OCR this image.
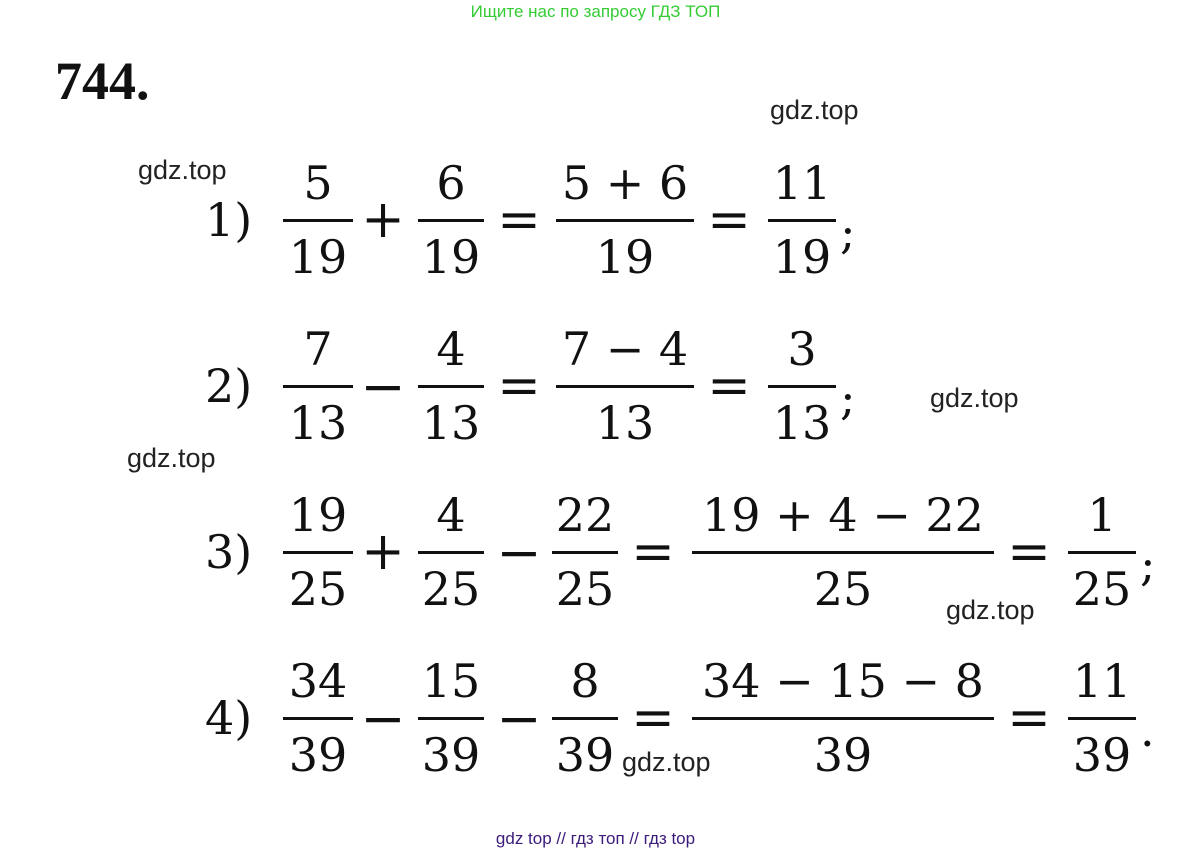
Ищите нас по запросу ГДЗ ТОП
744.	gdz.top
gdz.top
gdz.top
gdz.top
gdz.top
gdz.top
1)
5
19
+
6
19
=
5 + 6
19
=
11
19 ;
2)
7
13
−
4
13
=
7 − 4
13
=
3
13 ;
3)
19
25
+
4
25
−
22
25
=
19 + 4 − 22
25
=
1
25 ;
4)
34
39
−
15
39
−
8
39
=
34 − 15 − 8
39
=
11
39 .
gdz top // гдз топ // гдз top
